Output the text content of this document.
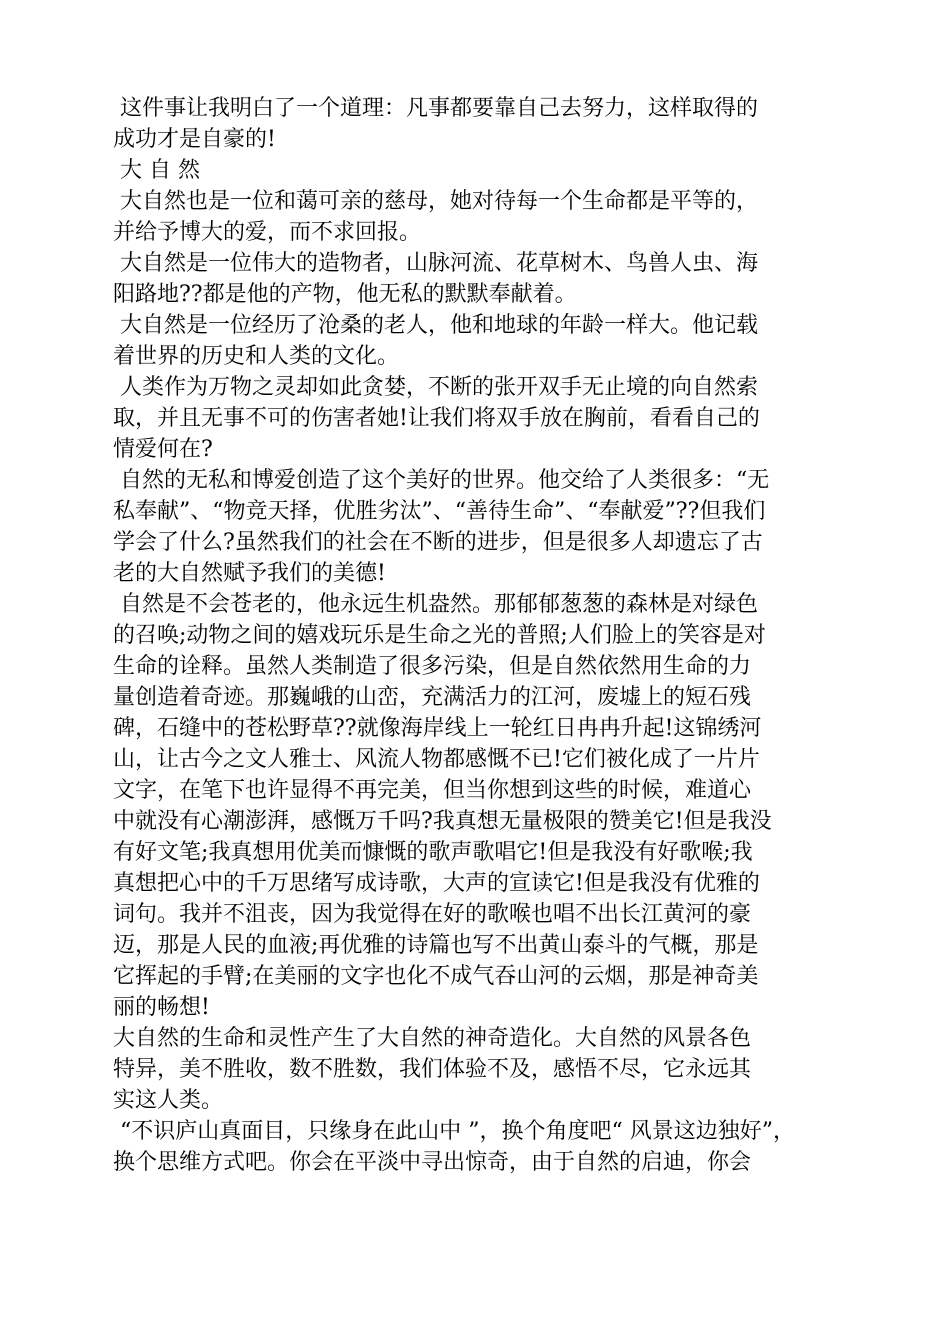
这件事让我明白了一个道理：凡事都要靠自己去努力，这样取得的
成功才是自豪的!
大 自 然
大自然也是一位和蔼可亲的慈母，她对待每一个生命都是平等的，
并给予博大的爱，而不求回报。
大自然是一位伟大的造物者，山脉河流、花草树木、鸟兽人虫、海
阳路地??都是他的产物，他无私的默默奉献着。
大自然是一位经历了沧桑的老人，他和地球的年龄一样大。他记载
着世界的历史和人类的文化。
人类作为万物之灵却如此贪婪，不断的张开双手无止境的向自然索
取，并且无事不可的伤害者她!让我们将双手放在胸前，看看自己的
情爱何在?
自然的无私和博爱创造了这个美好的世界。他交给了人类很多：“无
私奉献”、“物竞天择，优胜劣汰”、“善待生命”、“奉献爱”??但我们
学会了什么?虽然我们的社会在不断的进步，但是很多人却遗忘了古
老的大自然赋予我们的美德!
自然是不会苍老的，他永远生机盎然。那郁郁葱葱的森林是对绿色
的召唤;动物之间的嬉戏玩乐是生命之光的普照;人们脸上的笑容是对
生命的诠释。虽然人类制造了很多污染，但是自然依然用生命的力
量创造着奇迹。那巍峨的山峦，充满活力的江河，废墟上的短石残
碑，石缝中的苍松野草??就像海岸线上一轮红日冉冉升起!这锦绣河
山，让古今之文人雅士、风流人物都感慨不已!它们被化成了一片片
文字，在笔下也许显得不再完美，但当你想到这些的时候，难道心
中就没有心潮澎湃，感慨万千吗?我真想无量极限的赞美它!但是我没
有好文笔;我真想用优美而慷慨的歌声歌唱它!但是我没有好歌喉;我
真想把心中的千万思绪写成诗歌，大声的宣读它!但是我没有优雅的
词句。我并不沮丧，因为我觉得在好的歌喉也唱不出长江黄河的豪
迈，那是人民的血液;再优雅的诗篇也写不出黄山泰斗的气概，那是
它挥起的手臂;在美丽的文字也化不成气吞山河的云烟，那是神奇美
丽的畅想!
大自然的生命和灵性产生了大自然的神奇造化。大自然的风景各色
特异，美不胜收，数不胜数，我们体验不及，感悟不尽，它永远其
实这人类。
“不识庐山真面目，只缘身在此山中 ”，换个角度吧“ 风景这边独好”，
换个思维方式吧。你会在平淡中寻出惊奇，由于自然的启迪，你会
